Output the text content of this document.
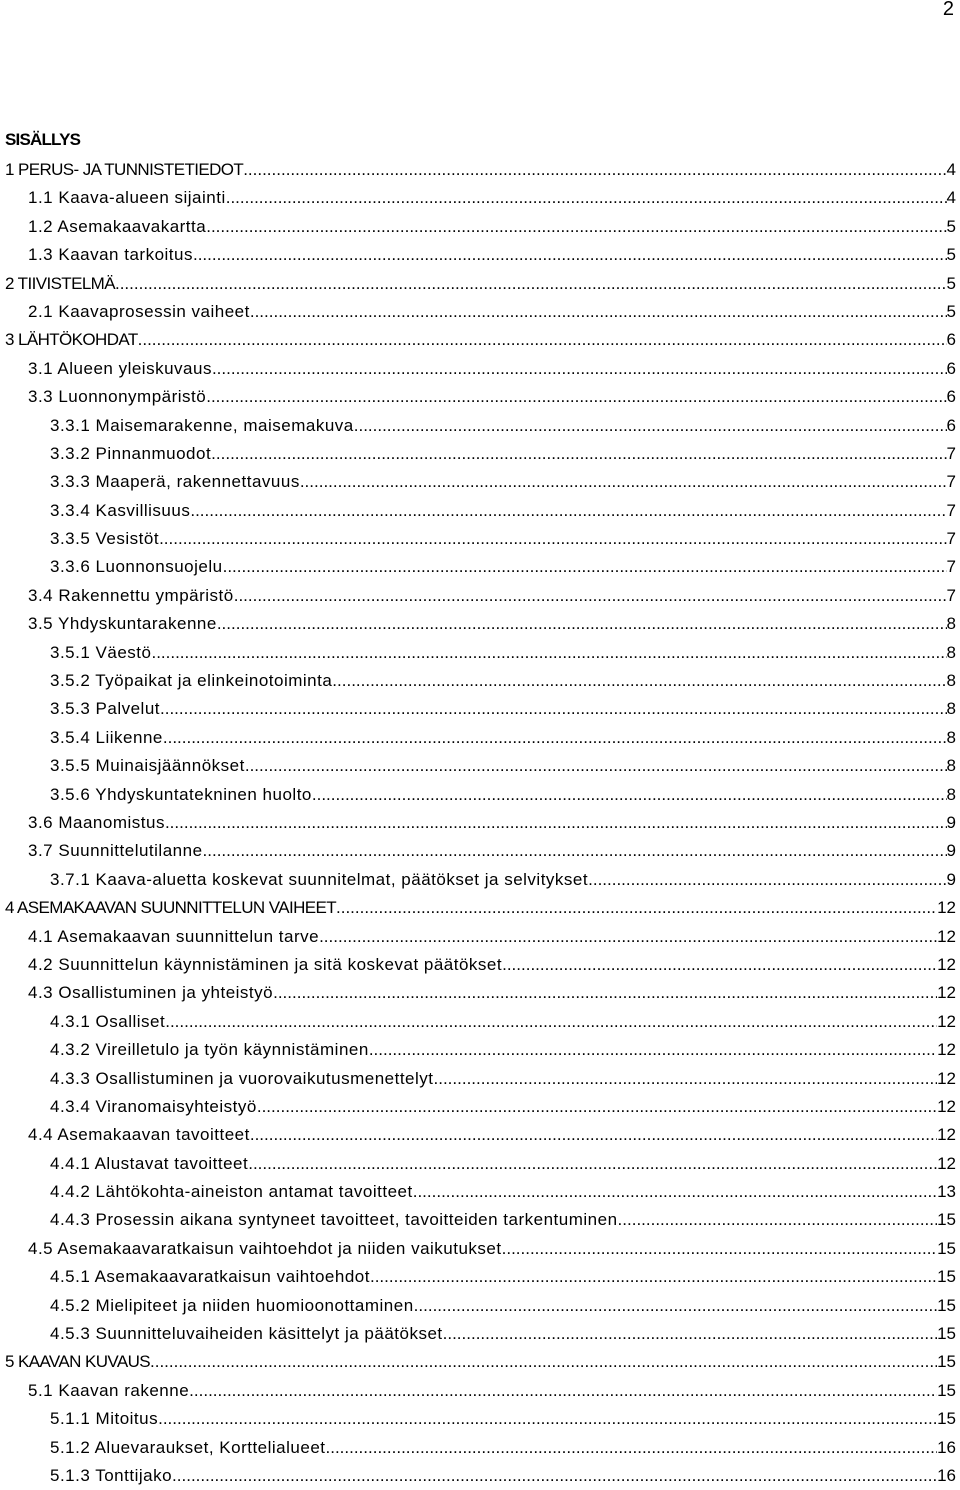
2
SISÄLLYS
1 PERUS- JA TUNNISTETIEDOT .....	4
1.1 Kaava-alueen sijainti .....	4
1.2 Asemakaavakartta .....	5
1.3 Kaavan tarkoitus .....	5
2 TIIVISTELMÄ .....	5
2.1 Kaavaprosessin vaiheet .....	5
3 LÄHTÖKOHDAT .....	6
3.1 Alueen yleiskuvaus .....	6
3.3 Luonnonympäristö .....	6
3.3.1 Maisemarakenne, maisemakuva .....	6
3.3.2 Pinnanmuodot .....	7
3.3.3 Maaperä, rakennettavuus .....	7
3.3.4 Kasvillisuus .....	7
3.3.5 Vesistöt .....	7
3.3.6 Luonnonsuojelu .....	7
3.4 Rakennettu ympäristö .....	7
3.5 Yhdyskuntarakenne .....	8
3.5.1 Väestö .....	8
3.5.2 Työpaikat ja elinkeinotoiminta .....	8
3.5.3 Palvelut .....	8
3.5.4 Liikenne .....	8
3.5.5 Muinaisjäännökset .....	8
3.5.6 Yhdyskuntatekninen huolto .....	8
3.6 Maanomistus .....	9
3.7 Suunnittelutilanne .....	9
3.7.1 Kaava-aluetta koskevat suunnitelmat, päätökset ja selvitykset .....	9
4 ASEMAKAAVAN SUUNNITTELUN VAIHEET .....	12
4.1 Asemakaavan suunnittelun tarve .....	12
4.2 Suunnittelun käynnistäminen ja sitä koskevat päätökset .....	12
4.3 Osallistuminen ja yhteistyö .....	12
4.3.1 Osalliset .....	12
4.3.2 Vireilletulo ja työn käynnistäminen .....	12
4.3.3 Osallistuminen ja vuorovaikutusmenettelyt .....	12
4.3.4 Viranomaisyhteistyö .....	12
4.4 Asemakaavan tavoitteet .....	12
4.4.1 Alustavat tavoitteet .....	12
4.4.2 Lähtökohta-aineiston antamat tavoitteet .....	13
4.4.3 Prosessin aikana syntyneet tavoitteet, tavoitteiden tarkentuminen .....	15
4.5 Asemakaavaratkaisun vaihtoehdot ja niiden vaikutukset .....	15
4.5.1 Asemakaavaratkaisun vaihtoehdot .....	15
4.5.2 Mielipiteet ja niiden huomioonottaminen .....	15
4.5.3 Suunnitteluvaiheiden käsittelyt ja päätökset .....	15
5 KAAVAN KUVAUS .....	15
5.1 Kaavan rakenne .....	15
5.1.1 Mitoitus .....	15
5.1.2 Aluevaraukset, Korttelialueet .....	16
5.1.3 Tonttijako .....	16
